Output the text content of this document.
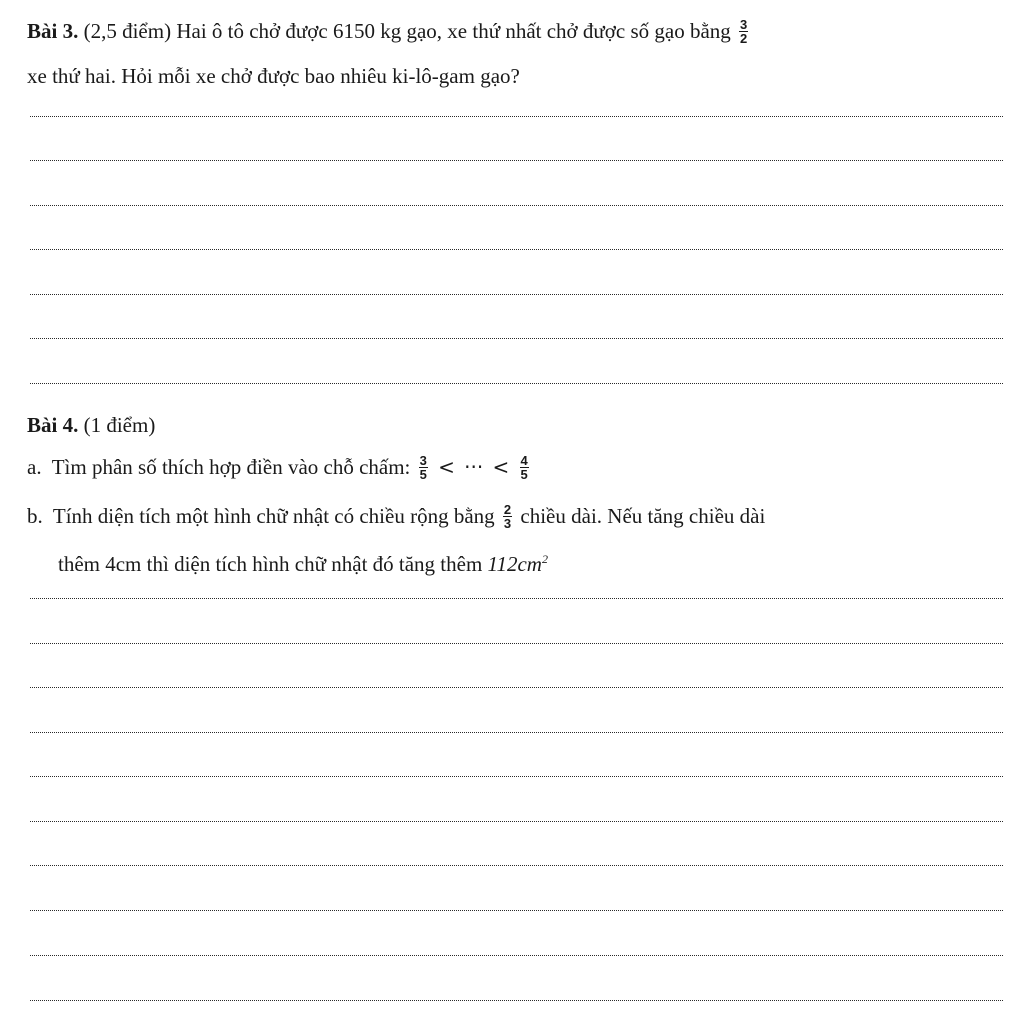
Bài 3. (2,5 điểm) Hai ô tô chở được 6150 kg gạo, xe thứ nhất chở được số gạo bằng $\frac{3}{2}$
xe thứ hai. Hỏi mỗi xe chở được bao nhiêu ki-lô-gam gạo?
Bài 4. (1 điểm)
a. Tìm phân số thích hợp điền vào chỗ chấm: $\frac{3}{5}$ < ··· < $\frac{4}{5}$
b. Tính diện tích một hình chữ nhật có chiều rộng bằng $\frac{2}{3}$ chiều dài. Nếu tăng chiều dài
thêm 4cm thì diện tích hình chữ nhật đó tăng thêm $112cm^2$
